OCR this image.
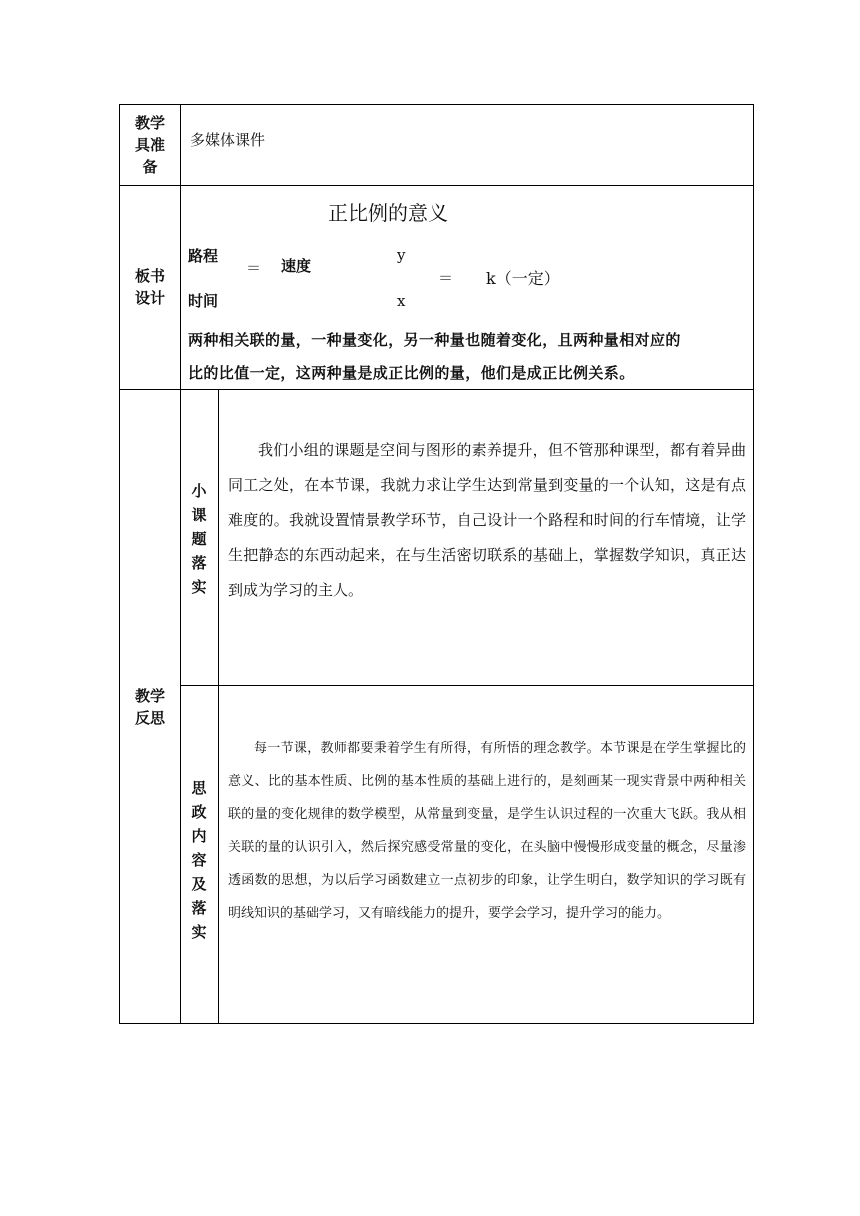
教学
具准
备
多媒体课件
板书
设计
正比例的意义
路程
时间
＝ 速度
y
x
＝ k（一定）
两种相关联的量，一种量变化，另一种量也随着变化，且两种量相对应的
比的比值一定，这两种量是成正比例的量，他们是成正比例关系。
教学
反思
小
课
题
落
实
我们小组的课题是空间与图形的素养提升，但不管那种课型，都有着异曲同工之处，在本节课，我就力求让学生达到常量到变量的一个认知，这是有点难度的。我就设置情景教学环节，自己设计一个路程和时间的行车情境，让学生把静态的东西动起来，在与生活密切联系的基础上，掌握数学知识，真正达到成为学习的主人。
思
政
内
容
及
落
实
每一节课，教师都要秉着学生有所得，有所悟的理念教学。本节课是在学生掌握比的意义、比的基本性质、比例的基本性质的基础上进行的，是刻画某一现实背景中两种相关联的量的变化规律的数学模型，从常量到变量，是学生认识过程的一次重大飞跃。我从相关联的量的认识引入，然后探究感受常量的变化，在头脑中慢慢形成变量的概念，尽量渗透函数的思想，为以后学习函数建立一点初步的印象，让学生明白，数学知识的学习既有明线知识的基础学习，又有暗线能力的提升，要学会学习，提升学习的能力。
